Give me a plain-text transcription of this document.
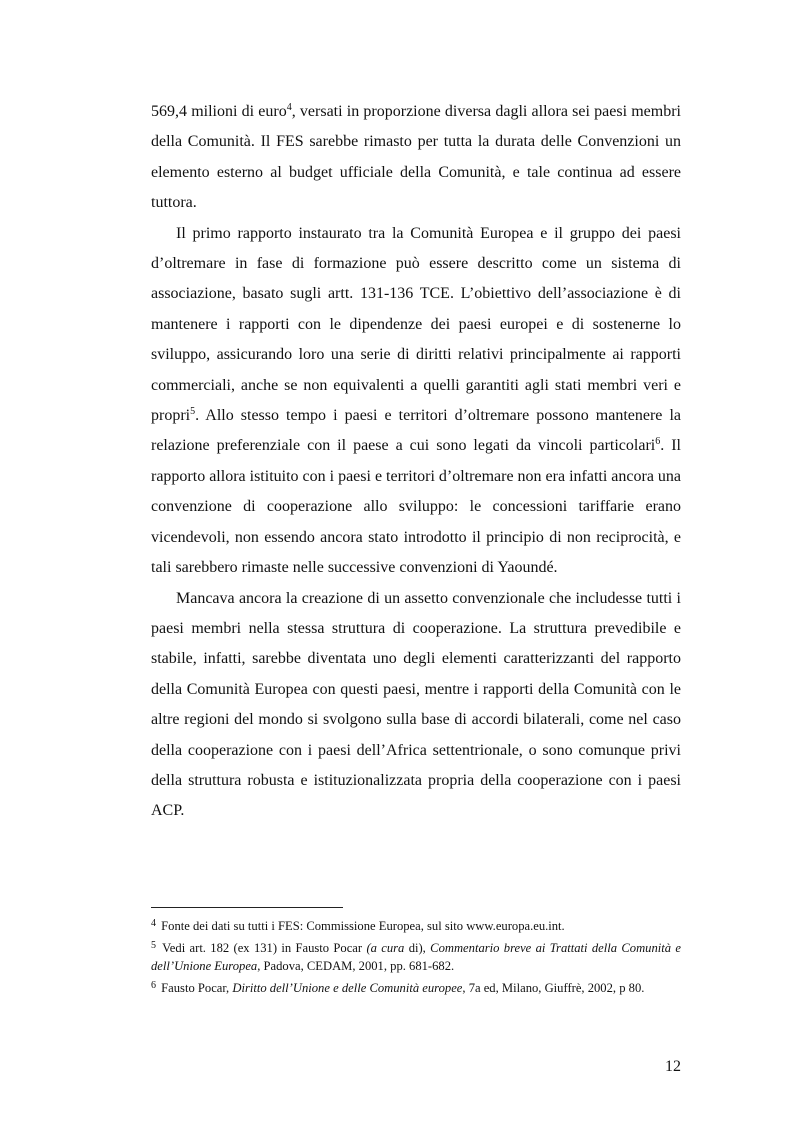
569,4 milioni di euro$^4$, versati in proporzione diversa dagli allora sei paesi membri della Comunità. Il FES sarebbe rimasto per tutta la durata delle Convenzioni un elemento esterno al budget ufficiale della Comunità, e tale continua ad essere tuttora.

Il primo rapporto instaurato tra la Comunità Europea e il gruppo dei paesi d’oltremare in fase di formazione può essere descritto come un sistema di associazione, basato sugli artt. 131-136 TCE. L’obiettivo dell’associazione è di mantenere i rapporti con le dipendenze dei paesi europei e di sostenerne lo sviluppo, assicurando loro una serie di diritti relativi principalmente ai rapporti commerciali, anche se non equivalenti a quelli garantiti agli stati membri veri e propri$^5$. Allo stesso tempo i paesi e territori d’oltremare possono mantenere la relazione preferenziale con il paese a cui sono legati da vincoli particolari$^6$. Il rapporto allora istituito con i paesi e territori d’oltremare non era infatti ancora una convenzione di cooperazione allo sviluppo: le concessioni tariffarie erano vicendevoli, non essendo ancora stato introdotto il principio di non reciprocità, e tali sarebbero rimaste nelle successive convenzioni di Yaoundé.

Mancava ancora la creazione di un assetto convenzionale che includesse tutti i paesi membri nella stessa struttura di cooperazione. La struttura prevedibile e stabile, infatti, sarebbe diventata uno degli elementi caratterizzanti del rapporto della Comunità Europea con questi paesi, mentre i rapporti della Comunità con le altre regioni del mondo si svolgono sulla base di accordi bilaterali, come nel caso della cooperazione con i paesi dell’Africa settentrionale, o sono comunque privi della struttura robusta e istituzionalizzata propria della cooperazione con i paesi ACP.

$^4$ Fonte dei dati su tutti i FES: Commissione Europea, sul sito www.europa.eu.int.

$^5$ Vedi art. 182 (ex 131) in Fausto Pocar (a cura di), Commentario breve ai Trattati della Comunità e dell’Unione Europea, Padova, CEDAM, 2001, pp. 681-682.

$^6$ Fausto Pocar, Diritto dell’Unione e delle Comunità europee, 7a ed, Milano, Giuffrè, 2002, p 80.

12
